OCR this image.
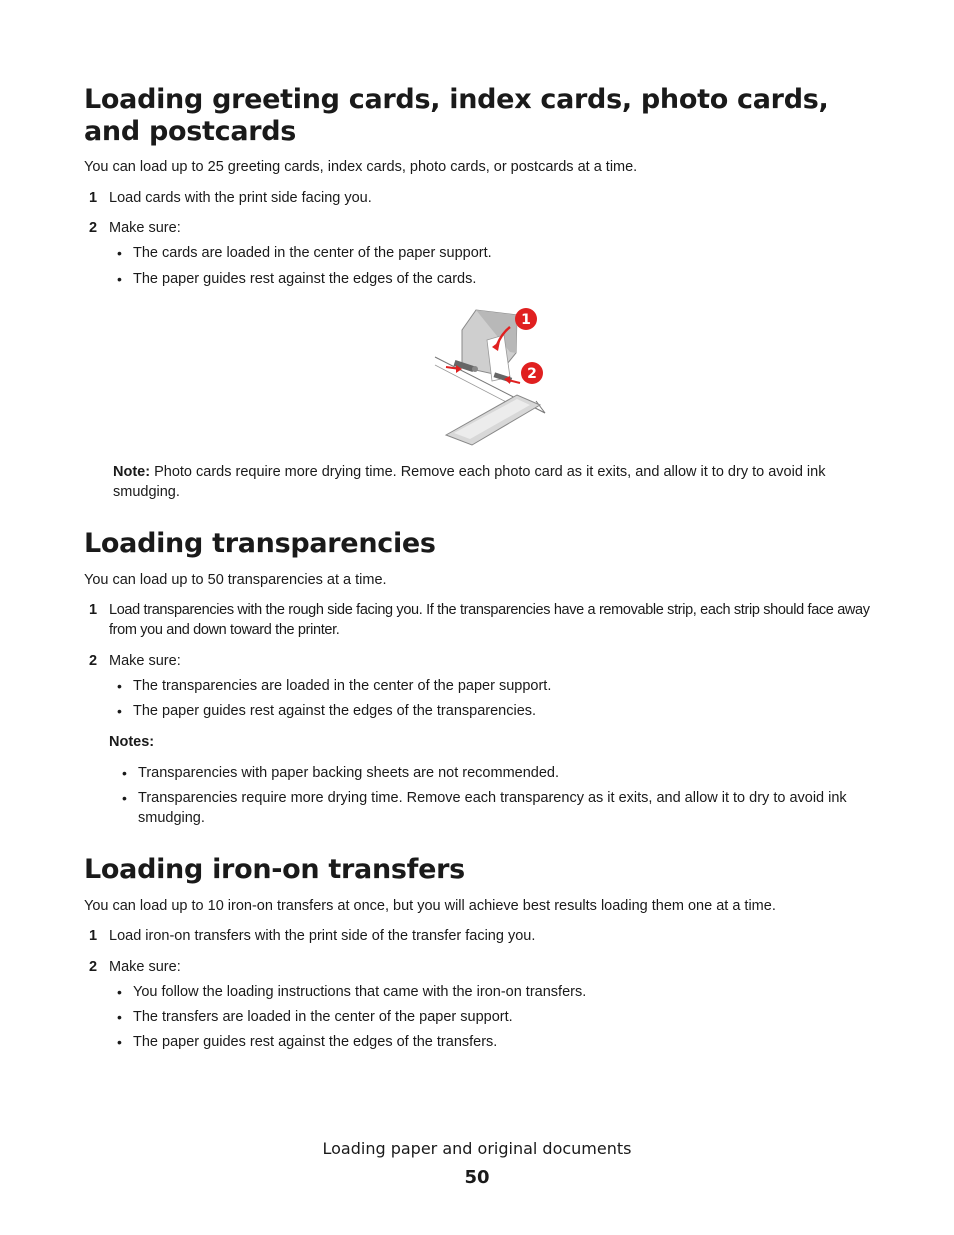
Loading greeting cards, index cards, photo cards, and postcards
You can load up to 25 greeting cards, index cards, photo cards, or postcards at a time.
1 Load cards with the print side facing you.
2 Make sure:
• The cards are loaded in the center of the paper support.
• The paper guides rest against the edges of the cards.
1
2
Note: Photo cards require more drying time. Remove each photo card as it exits, and allow it to dry to avoid ink smudging.
Loading transparencies
You can load up to 50 transparencies at a time.
1 Load transparencies with the rough side facing you. If the transparencies have a removable strip, each strip should face away from you and down toward the printer.
2 Make sure:
• The transparencies are loaded in the center of the paper support.
• The paper guides rest against the edges of the transparencies.
Notes:
• Transparencies with paper backing sheets are not recommended.
• Transparencies require more drying time. Remove each transparency as it exits, and allow it to dry to avoid ink smudging.
Loading iron-on transfers
You can load up to 10 iron-on transfers at once, but you will achieve best results loading them one at a time.
1 Load iron-on transfers with the print side of the transfer facing you.
2 Make sure:
• You follow the loading instructions that came with the iron-on transfers.
• The transfers are loaded in the center of the paper support.
• The paper guides rest against the edges of the transfers.
Loading paper and original documents
50
